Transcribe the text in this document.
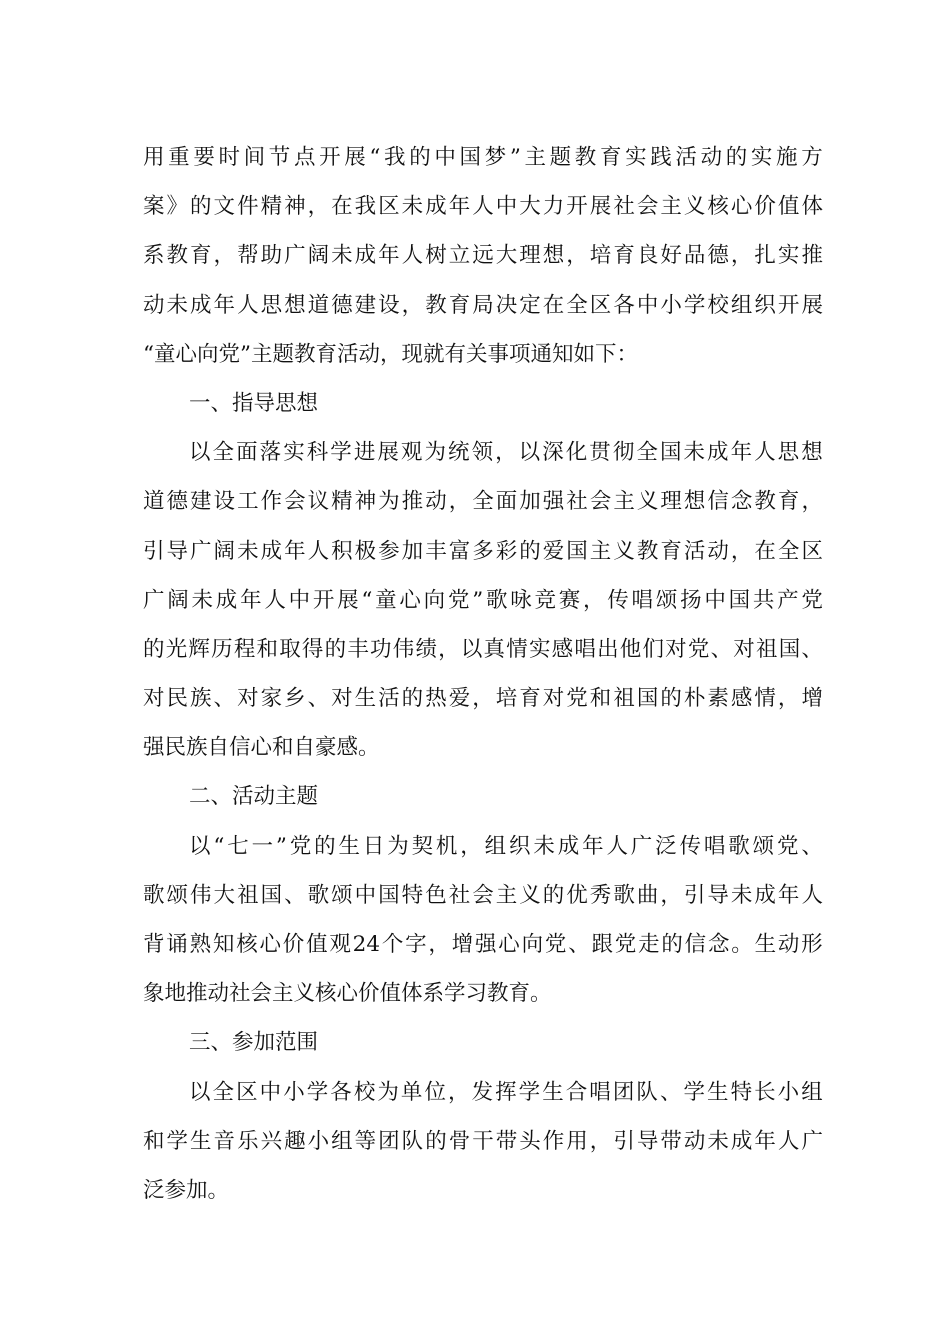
用 重 要 时 间 节 点 开 展 “ 我 的 中 国 梦 ” 主 题 教 育 实 践 活 动 的 实 施 方
案 》 的 文 件 精 神 ， 在 我 区 未 成 年 人 中 大 力 开 展 社 会 主 义 核 心 价 值 体
系 教 育 ， 帮 助 广 阔 未 成 年 人 树 立 远 大 理 想 ， 培 育 良 好 品 德 ， 扎 实 推
动 未 成 年 人 思 想 道 德 建 设 ， 教 育 局 决 定 在 全 区 各 中 小 学 校 组 织 开 展
“童心向党”主题教育活动，现就有关事项通知如下：
一、指导思想
以 全 面 落 实 科 学 进 展 观 为 统 领 ， 以 深 化 贯 彻 全 国 未 成 年 人 思 想
道 德 建 设 工 作 会 议 精 神 为 推 动 ， 全 面 加 强 社 会 主 义 理 想 信 念 教 育 ，
引 导 广 阔 未 成 年 人 积 极 参 加 丰 富 多 彩 的 爱 国 主 义 教 育 活 动 ， 在 全 区
广 阔 未 成 年 人 中 开 展 “ 童 心 向 党 ” 歌 咏 竞 赛 ， 传 唱 颂 扬 中 国 共 产 党
的 光 辉 历 程 和 取 得 的 丰 功 伟 绩 ， 以 真 情 实 感 唱 出 他 们 对 党 、 对 祖 国 、
对 民 族 、 对 家 乡 、 对 生 活 的 热 爱 ， 培 育 对 党 和 祖 国 的 朴 素 感 情 ， 增
强民族自信心和自豪感。
二、活动主题
以 “ 七 一 ” 党 的 生 日 为 契 机 ， 组 织 未 成 年 人 广 泛 传 唱 歌 颂 党 、
歌 颂 伟 大 祖 国 、 歌 颂 中 国 特 色 社 会 主 义 的 优 秀 歌 曲 ， 引 导 未 成 年 人
背 诵 熟 知 核 心 价 值 观 24 个 字 ， 增 强 心 向 党 、 跟 党 走 的 信 念 。 生 动 形
象地推动社会主义核心价值体系学习教育。
三、参加范围
以 全 区 中 小 学 各 校 为 单 位 ， 发 挥 学 生 合 唱 团 队 、 学 生 特 长 小 组
和 学 生 音 乐 兴 趣 小 组 等 团 队 的 骨 干 带 头 作 用 ， 引 导 带 动 未 成 年 人 广
泛参加。
